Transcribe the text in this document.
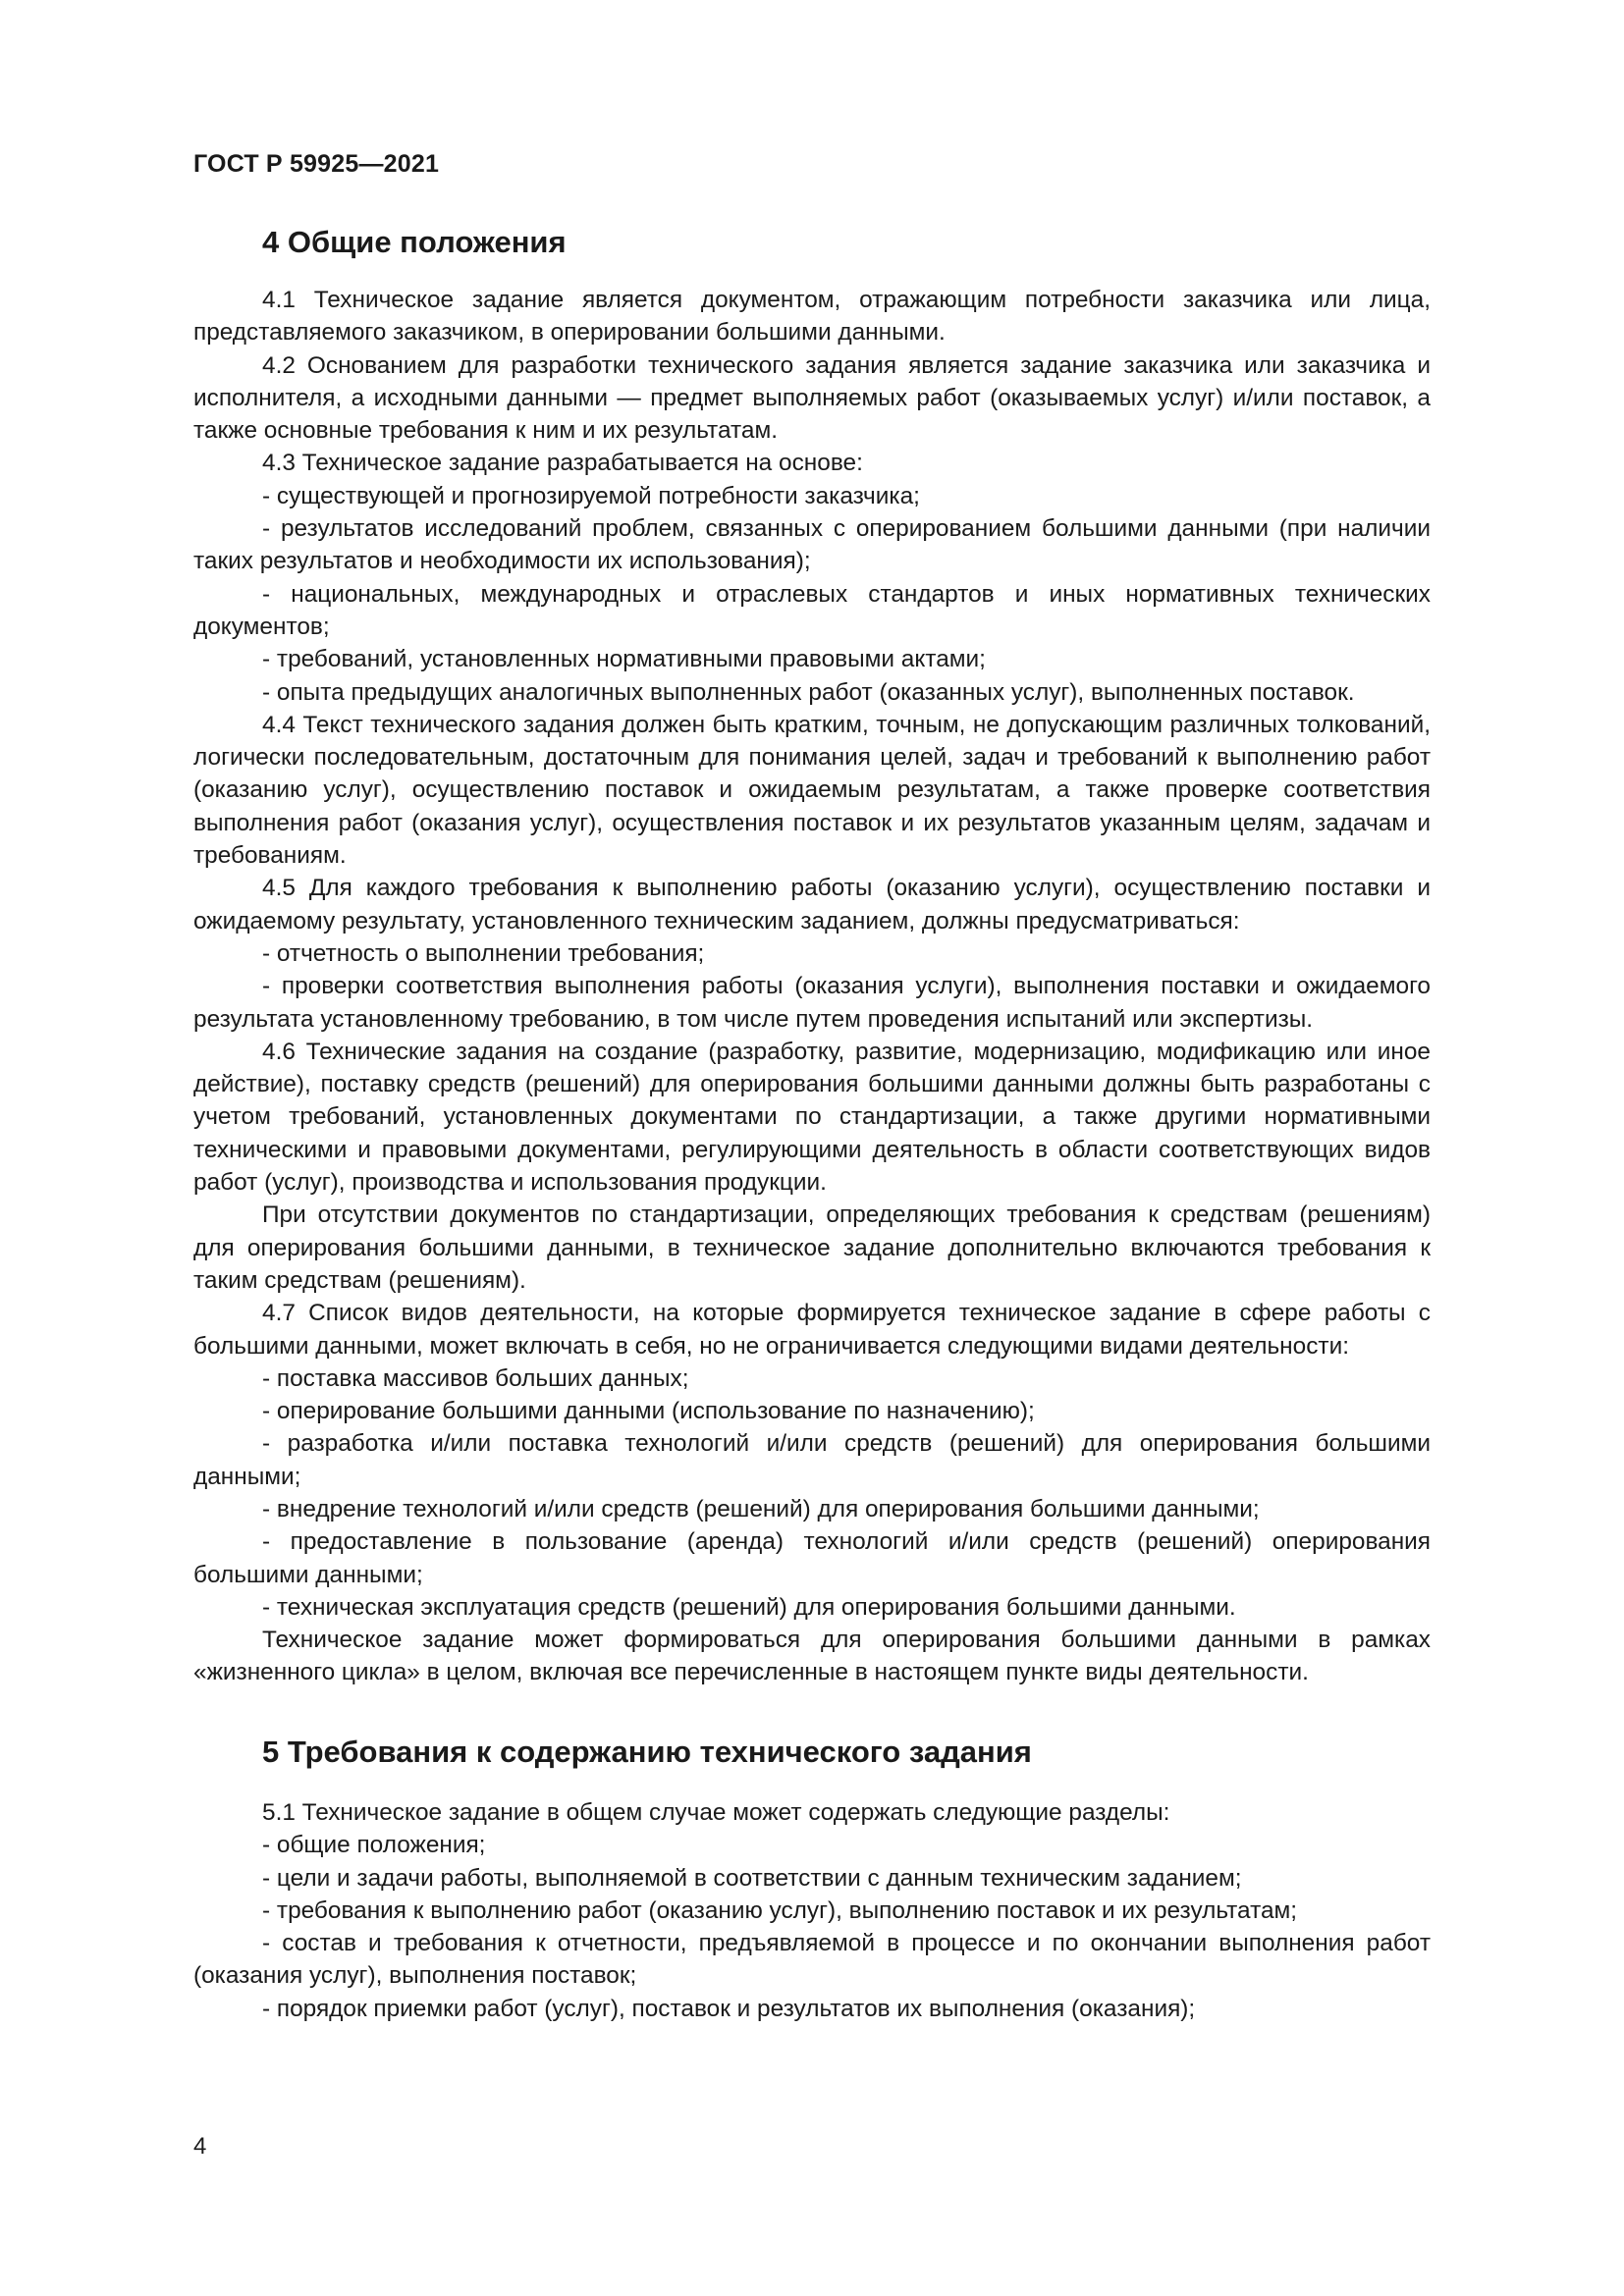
ГОСТ Р 59925—2021
4 Общие положения

4.1 Техническое задание является документом, отражающим потребности заказчика или лица, представляемого заказчиком, в оперировании большими данными.

4.2 Основанием для разработки технического задания является задание заказчика или заказчика и исполнителя, а исходными данными — предмет выполняемых работ (оказываемых услуг) и/или поставок, а также основные требования к ним и их результатам.

4.3 Техническое задание разрабатывается на основе:

- существующей и прогнозируемой потребности заказчика;

- результатов исследований проблем, связанных с оперированием большими данными (при наличии таких результатов и необходимости их использования);

- национальных, международных и отраслевых стандартов и иных нормативных технических документов;

- требований, установленных нормативными правовыми актами;

- опыта предыдущих аналогичных выполненных работ (оказанных услуг), выполненных поставок.

4.4 Текст технического задания должен быть кратким, точным, не допускающим различных толкований, логически последовательным, достаточным для понимания целей, задач и требований к выполнению работ (оказанию услуг), осуществлению поставок и ожидаемым результатам, а также проверке соответствия выполнения работ (оказания услуг), осуществления поставок и их результатов указанным целям, задачам и требованиям.

4.5 Для каждого требования к выполнению работы (оказанию услуги), осуществлению поставки и ожидаемому результату, установленного техническим заданием, должны предусматриваться:

- отчетность о выполнении требования;

- проверки соответствия выполнения работы (оказания услуги), выполнения поставки и ожидаемого результата установленному требованию, в том числе путем проведения испытаний или экспертизы.

4.6 Технические задания на создание (разработку, развитие, модернизацию, модификацию или иное действие), поставку средств (решений) для оперирования большими данными должны быть разработаны с учетом требований, установленных документами по стандартизации, а также другими нормативными техническими и правовыми документами, регулирующими деятельность в области соответствующих видов работ (услуг), производства и использования продукции.

При отсутствии документов по стандартизации, определяющих требования к средствам (решениям) для оперирования большими данными, в техническое задание дополнительно включаются требования к таким средствам (решениям).

4.7 Список видов деятельности, на которые формируется техническое задание в сфере работы с большими данными, может включать в себя, но не ограничивается следующими видами деятельности:

- поставка массивов больших данных;

- оперирование большими данными (использование по назначению);

- разработка и/или поставка технологий и/или средств (решений) для оперирования большими данными;

- внедрение технологий и/или средств (решений) для оперирования большими данными;

- предоставление в пользование (аренда) технологий и/или средств (решений) оперирования большими данными;

- техническая эксплуатация средств (решений) для оперирования большими данными.

Техническое задание может формироваться для оперирования большими данными в рамках «жизненного цикла» в целом, включая все перечисленные в настоящем пункте виды деятельности.

5 Требования к содержанию технического задания

5.1 Техническое задание в общем случае может содержать следующие разделы:

- общие положения;

- цели и задачи работы, выполняемой в соответствии с данным техническим заданием;

- требования к выполнению работ (оказанию услуг), выполнению поставок и их результатам;

- состав и требования к отчетности, предъявляемой в процессе и по окончании выполнения работ (оказания услуг), выполнения поставок;

- порядок приемки работ (услуг), поставок и результатов их выполнения (оказания);

4
